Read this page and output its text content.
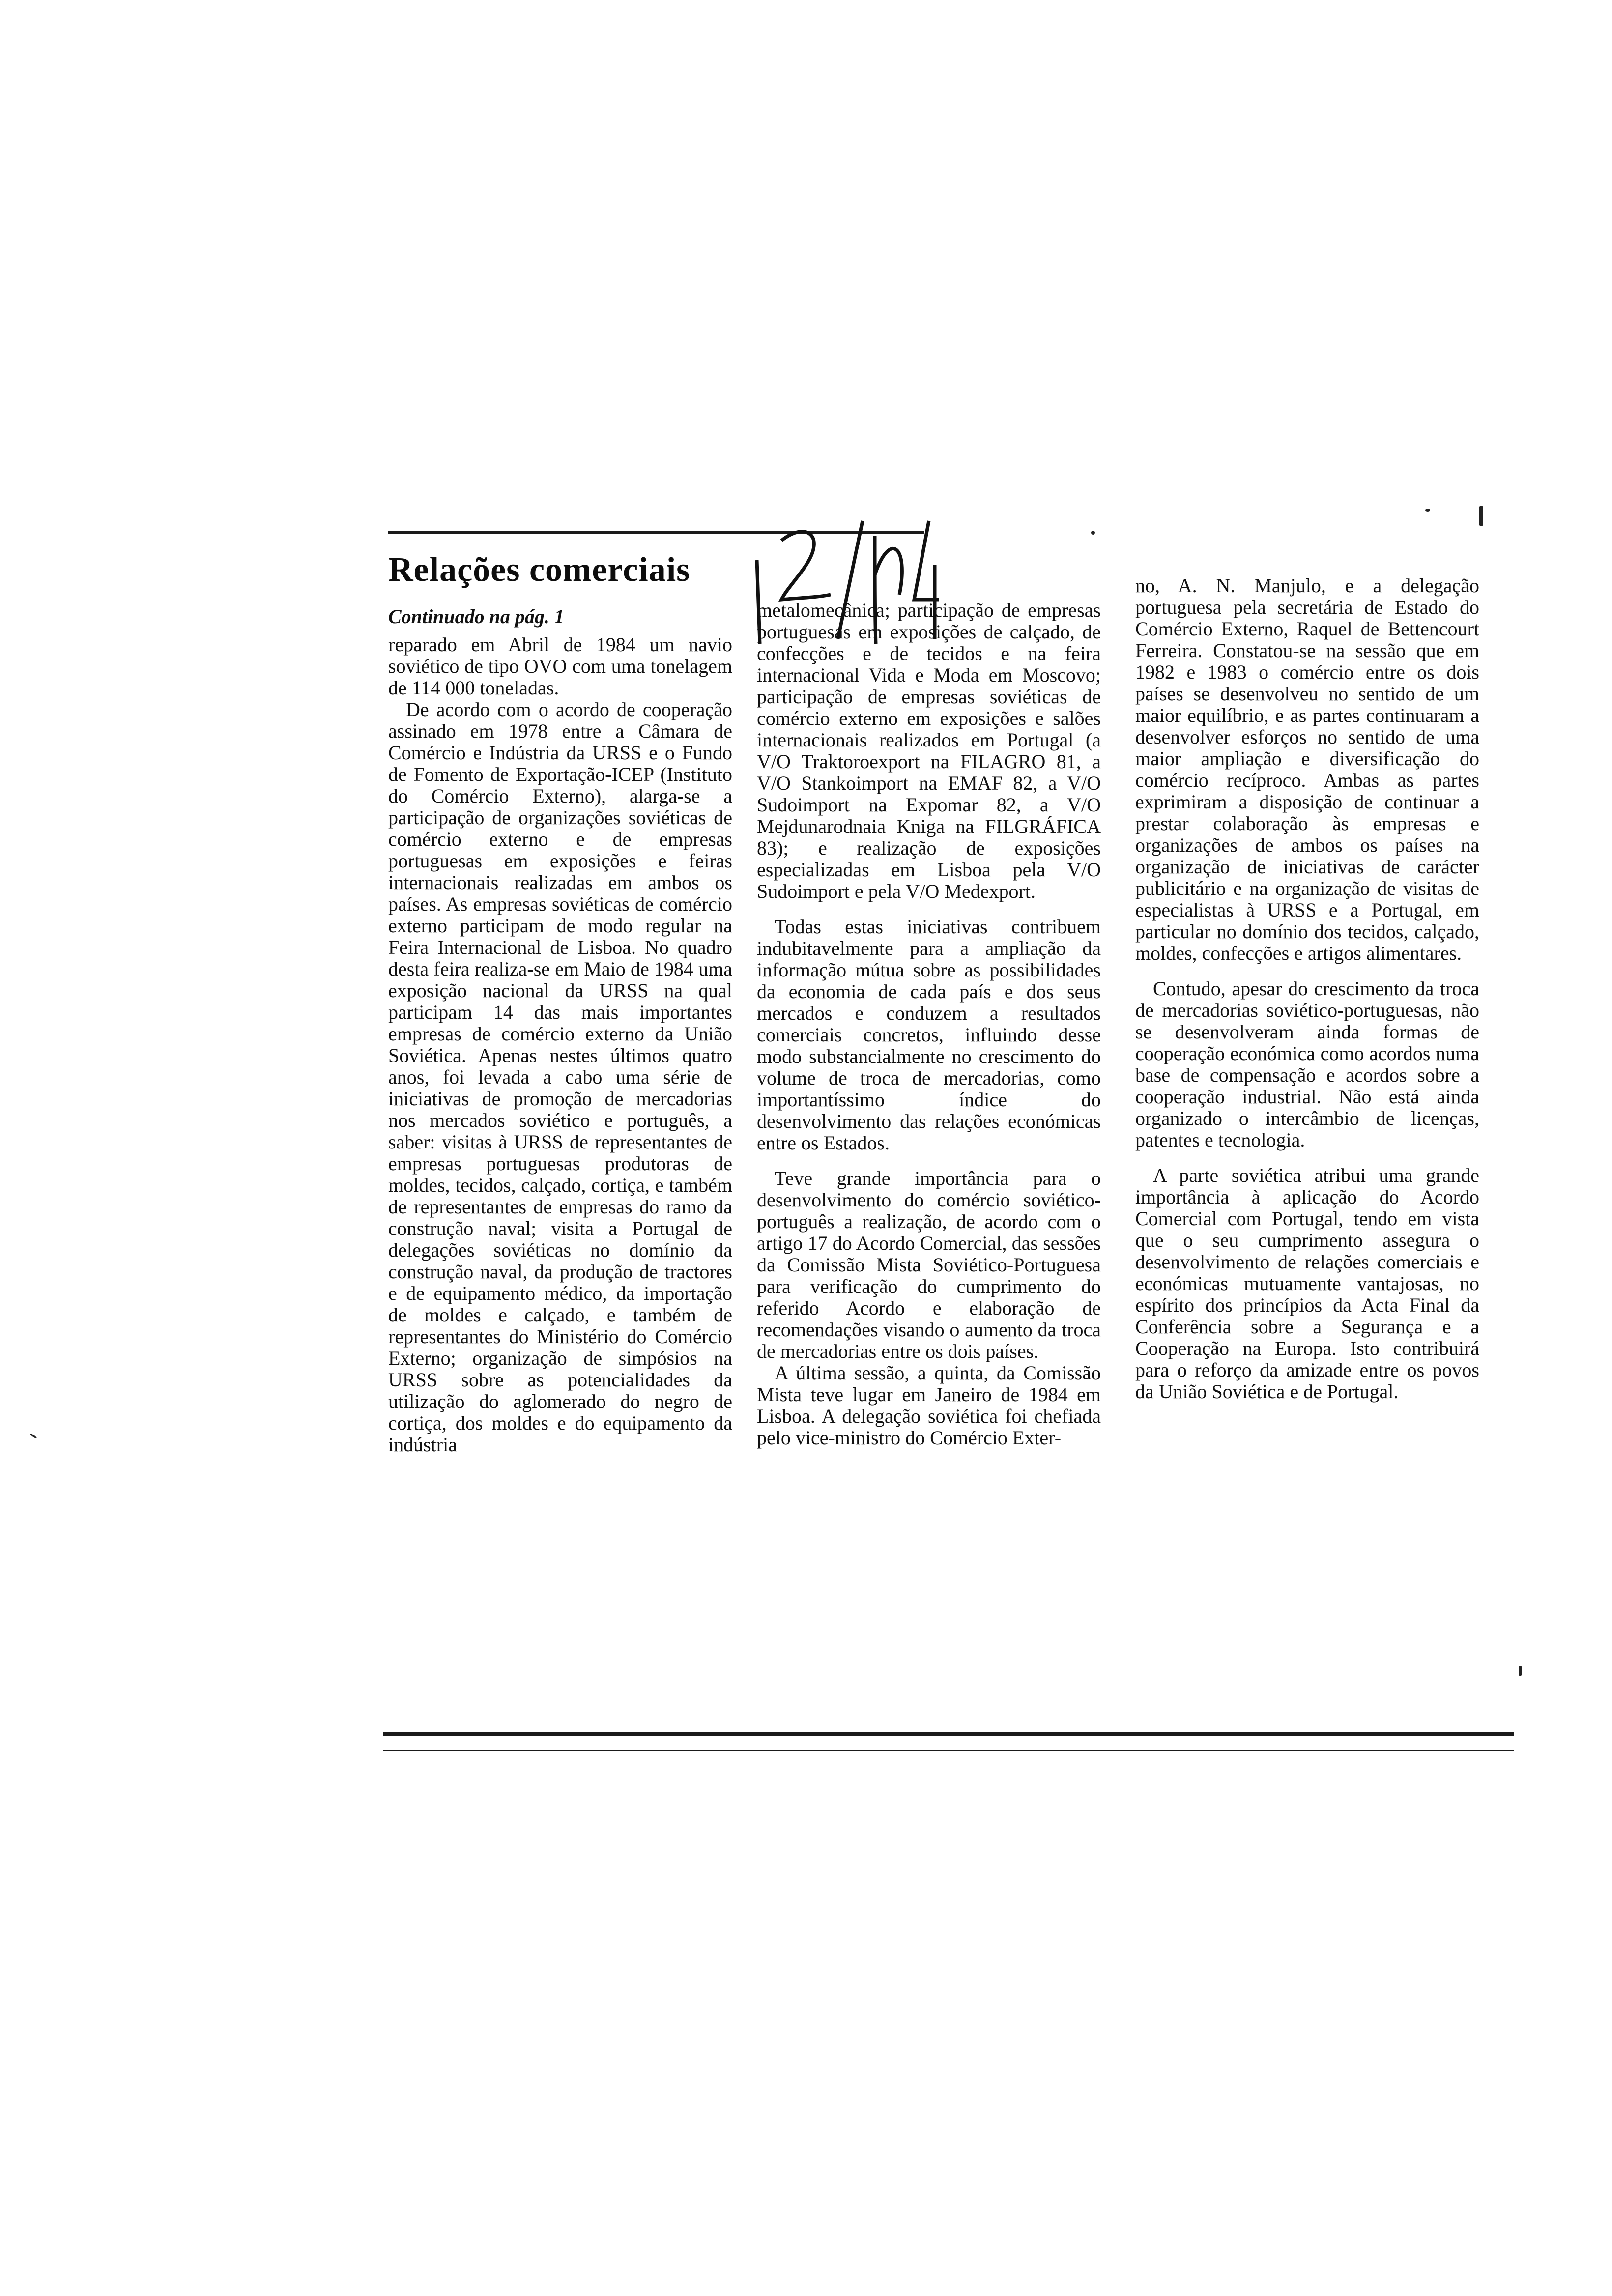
Relações comerciais
Continuado na pág. 1

reparado em Abril de 1984 um navio soviético de tipo OVO com uma tonelagem de 114 000 toneladas.

De acordo com o acordo de cooperação assinado em 1978 entre a Câmara de Comércio e Indústria da URSS e o Fundo de Fomento de Exportação-ICEP (Instituto do Comércio Externo), alarga-se a participação de organizações soviéticas de comércio externo e de empresas portuguesas em exposições e feiras internacionais realizadas em ambos os países. As empresas soviéticas de comércio externo participam de modo regular na Feira Internacional de Lisboa. No quadro desta feira realiza-se em Maio de 1984 uma exposição nacional da URSS na qual participam 14 das mais importantes empresas de comércio externo da União Soviética. Apenas nestes últimos quatro anos, foi levada a cabo uma série de iniciativas de promoção de mercadorias nos mercados soviético e português, a saber: visitas à URSS de representantes de empresas portuguesas produtoras de moldes, tecidos, calçado, cortiça, e também de representantes de empresas do ramo da construção naval; visita a Portugal de delegações soviéticas no domínio da construção naval, da produção de tractores e de equipamento médico, da importação de moldes e calçado, e também de representantes do Ministério do Comércio Externo; organização de simpósios na URSS sobre as potencialidades da utilização do aglomerado do negro de cortiça, dos moldes e do equipamento da indústria

metalomecânica; participação de empresas portuguesas em exposições de calçado, de confecções e de tecidos e na feira internacional Vida e Moda em Moscovo; participação de empresas soviéticas de comércio externo em exposições e salões internacionais realizados em Portugal (a V/O Traktoroexport na FILAGRO 81, a V/O Stankoimport na EMAF 82, a V/O Sudoimport na Expomar 82, a V/O Mejdunarodnaia Kniga na FILGRÁFICA 83); e realização de exposições especializadas em Lisboa pela V/O Sudoimport e pela V/O Medexport.

Todas estas iniciativas contribuem indubitavelmente para a ampliação da informação mútua sobre as possibilidades da economia de cada país e dos seus mercados e conduzem a resultados comerciais concretos, influindo desse modo substancialmente no crescimento do volume de troca de mercadorias, como importantíssimo índice do desenvolvimento das relações económicas entre os Estados.

Teve grande importância para o desenvolvimento do comércio soviético-português a realização, de acordo com o artigo 17 do Acordo Comercial, das sessões da Comissão Mista Soviético-Portuguesa para verificação do cumprimento do referido Acordo e elaboração de recomendações visando o aumento da troca de mercadorias entre os dois países.

A última sessão, a quinta, da Comissão Mista teve lugar em Janeiro de 1984 em Lisboa. A delegação soviética foi chefiada pelo vice-ministro do Comércio Exter-

no, A. N. Manjulo, e a delegação portuguesa pela secretária de Estado do Comércio Externo, Raquel de Bettencourt Ferreira. Constatou-se na sessão que em 1982 e 1983 o comércio entre os dois países se desenvolveu no sentido de um maior equilíbrio, e as partes continuaram a desenvolver esforços no sentido de uma maior ampliação e diversificação do comércio recíproco. Ambas as partes exprimiram a disposição de continuar a prestar colaboração às empresas e organizações de ambos os países na organização de iniciativas de carácter publicitário e na organização de visitas de especialistas à URSS e a Portugal, em particular no domínio dos tecidos, calçado, moldes, confecções e artigos alimentares.

Contudo, apesar do crescimento da troca de mercadorias soviético-portuguesas, não se desenvolveram ainda formas de cooperação económica como acordos numa base de compensação e acordos sobre a cooperação industrial. Não está ainda organizado o intercâmbio de licenças, patentes e tecnologia.

A parte soviética atribui uma grande importância à aplicação do Acordo Comercial com Portugal, tendo em vista que o seu cumprimento assegura o desenvolvimento de relações comerciais e económicas mutuamente vantajosas, no espírito dos princípios da Acta Final da Conferência sobre a Segurança e a Cooperação na Europa. Isto contribuirá para o reforço da amizade entre os povos da União Soviética e de Portugal.
